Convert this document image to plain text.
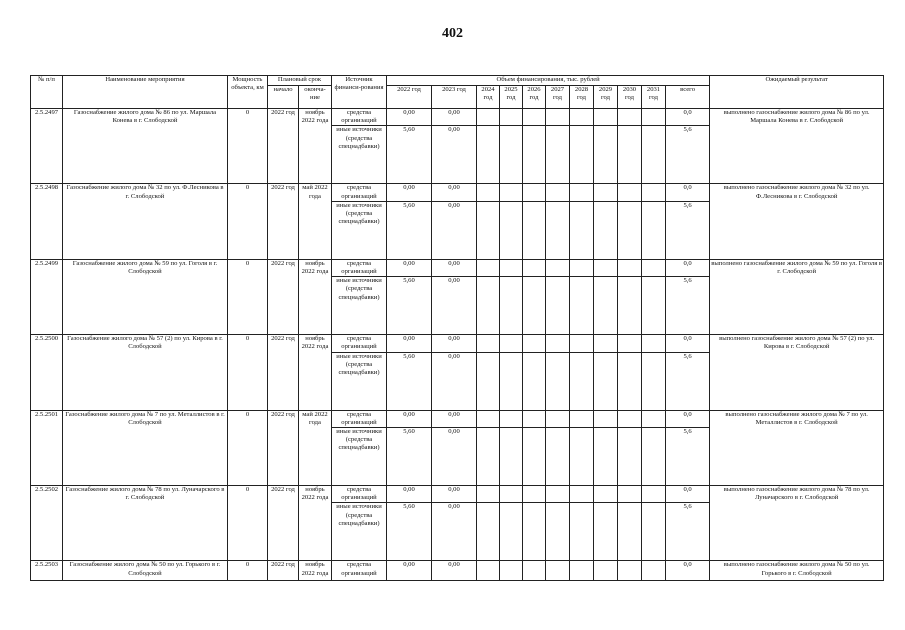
402
№ п/п	Наименование мероприятия	Мощность объекта, км	Плановый срок		Источник финанси-рования	Объем финансирования, тыс. рублей											Ожидаемый результат
			начало	оконча-ние		2022 год	2023 год	2024 год	2025 год	2026 год	2027 год	2028 год	2029 год	2030 год	2031 год	всего	
2.5.2497	Газоснабжение жилого дома № 86 по ул. Маршала Конева в г. Слободской	0	2022 год	ноябрь 2022 года	средства организаций	0,00	0,00									0,0	выполнено газоснабжение жилого дома № 86 по ул. Маршала Конева в г. Слободской
					иные источники (средства спецнадбавки)	5,60	0,00									5,6	
2.5.2498	Газоснабжение жилого дома № 32 по ул. Ф.Лесникова в г. Слободской	0	2022 год	май 2022 года	средства организаций	0,00	0,00									0,0	выполнено газоснабжение жилого дома № 32 по ул. Ф.Лесникова в г. Слободской
					иные источники (средства спецнадбавки)	5,60	0,00									5,6	
2.5.2499	Газоснабжение жилого дома № 59 по ул. Гоголя в г. Слободской	0	2022 год	ноябрь 2022 года	средства организаций	0,00	0,00									0,0	выполнено газоснабжение жилого дома № 59 по ул. Гоголя в г. Слободской
					иные источники (средства спецнадбавки)	5,60	0,00									5,6	
2.5.2500	Газоснабжение жилого дома № 57 (2) по ул. Кирова в г. Слободской	0	2022 год	ноябрь 2022 года	средства организаций	0,00	0,00									0,0	выполнено газоснабжение жилого дома № 57 (2) по ул. Кирова в г. Слободской
					иные источники (средства спецнадбавки)	5,60	0,00									5,6	
2.5.2501	Газоснабжение жилого дома № 7 по ул. Металлистов в г. Слободской	0	2022 год	май 2022 года	средства организаций	0,00	0,00									0,0	выполнено газоснабжение жилого дома № 7 по ул. Металлистов в г. Слободской
					иные источники (средства спецнадбавки)	5,60	0,00									5,6	
2.5.2502	Газоснабжение жилого дома № 78 по ул. Луначарского в г. Слободской	0	2022 год	ноябрь 2022 года	средства организаций	0,00	0,00									0,0	выполнено газоснабжение жилого дома № 78 по ул. Луначарского в г. Слободской
					иные источники (средства спецнадбавки)	5,60	0,00									5,6	
2.5.2503	Газоснабжение жилого дома № 50 по ул. Горького в г. Слободской	0	2022 год	ноябрь 2022 года	средства организаций	0,00	0,00									0,0	выполнено газоснабжение жилого дома № 50 по ул. Горького в г. Слободской
